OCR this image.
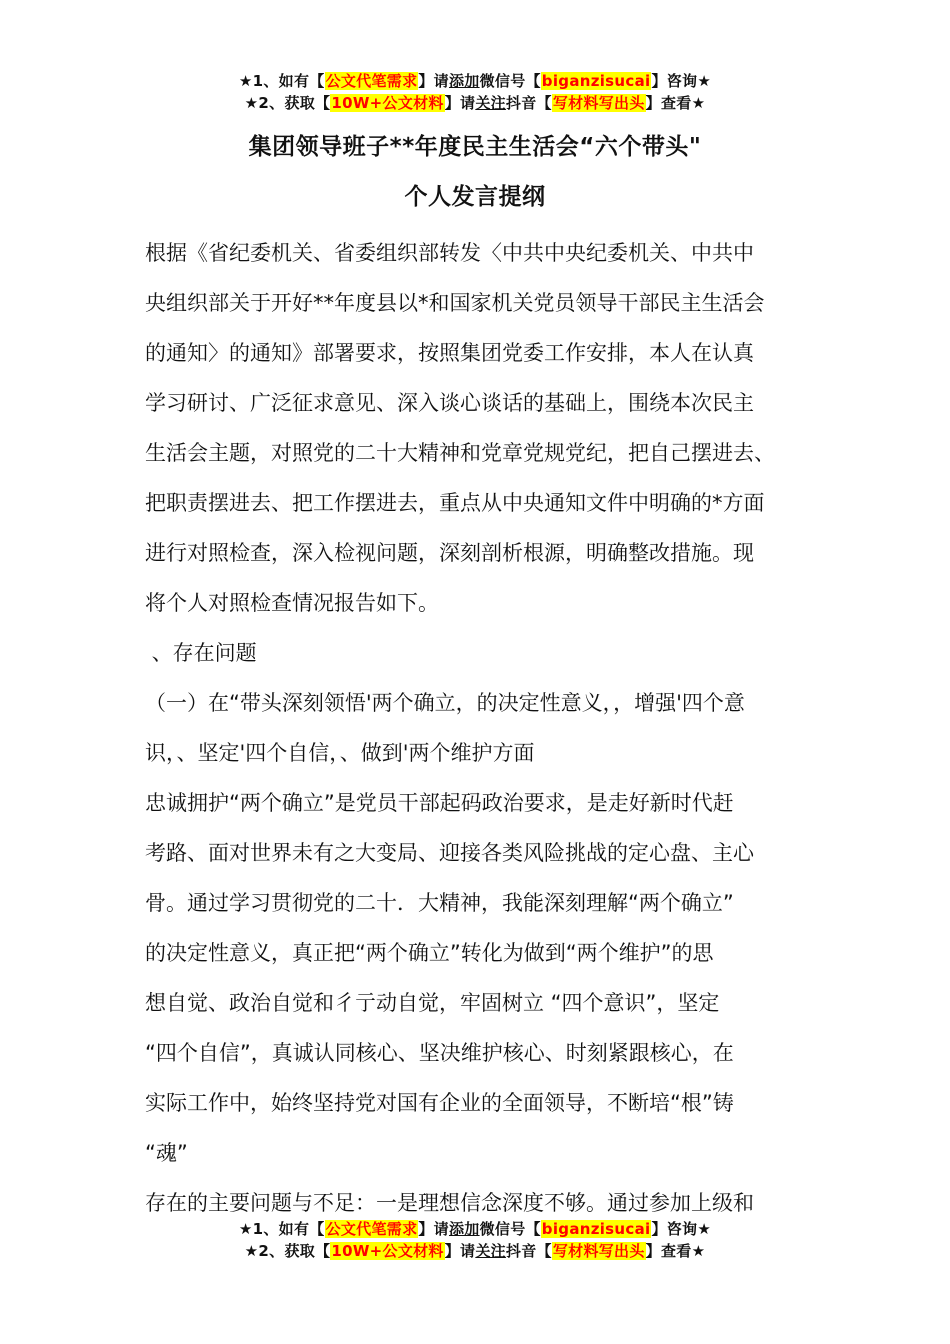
★1、如有【公文代笔需求】请添加微信号【biganzisucai】咨询★
★2、获取【10W+公文材料】请关注抖音【写材料写出头】查看★
集团领导班子**年度民主生活会“六个带头"
个人发言提纲
根据《省纪委机关、省委组织部转发〈中共中央纪委机关、中共中
央组织部关于开好**年度县以*和国家机关党员领导干部民主生活会
的通知〉的通知》部署要求，按照集团党委工作安排，本人在认真
学习研讨、广泛征求意见、深入谈心谈话的基础上，围绕本次民主
生活会主题，对照党的二十大精神和党章党规党纪，把自己摆进去、
把职责摆进去、把工作摆进去，重点从中央通知文件中明确的*方面
进行对照检查，深入检视问题，深刻剖析根源，明确整改措施。现
将个人对照检查情况报告如下。
、存在问题
（一）在“带头深刻领悟'两个确立，的决定性意义，，增强'四个意
识，、坚定'四个自信，、做到'两个维护方面
忠诚拥护“两个确立”是党员干部起码政治要求，是走好新时代赶
考路、面对世界未有之大变局、迎接各类风险挑战的定心盘、主心
骨。通过学习贯彻党的二十．大精神，我能深刻理解“两个确立”
的决定性意义，真正把“两个确立”转化为做到“两个维护”的思
想自觉、政治自觉和彳亍动自觉，牢固树立 “四个意识”，坚定
“四个自信”，真诚认同核心、坚决维护核心、时刻紧跟核心，在
实际工作中，始终坚持党对国有企业的全面领导，不断培“根”铸
“魂”
存在的主要问题与不足：一是理想信念深度不够。通过参加上级和
★1、如有【公文代笔需求】请添加微信号【biganzisucai】咨询★
★2、获取【10W+公文材料】请关注抖音【写材料写出头】查看★
